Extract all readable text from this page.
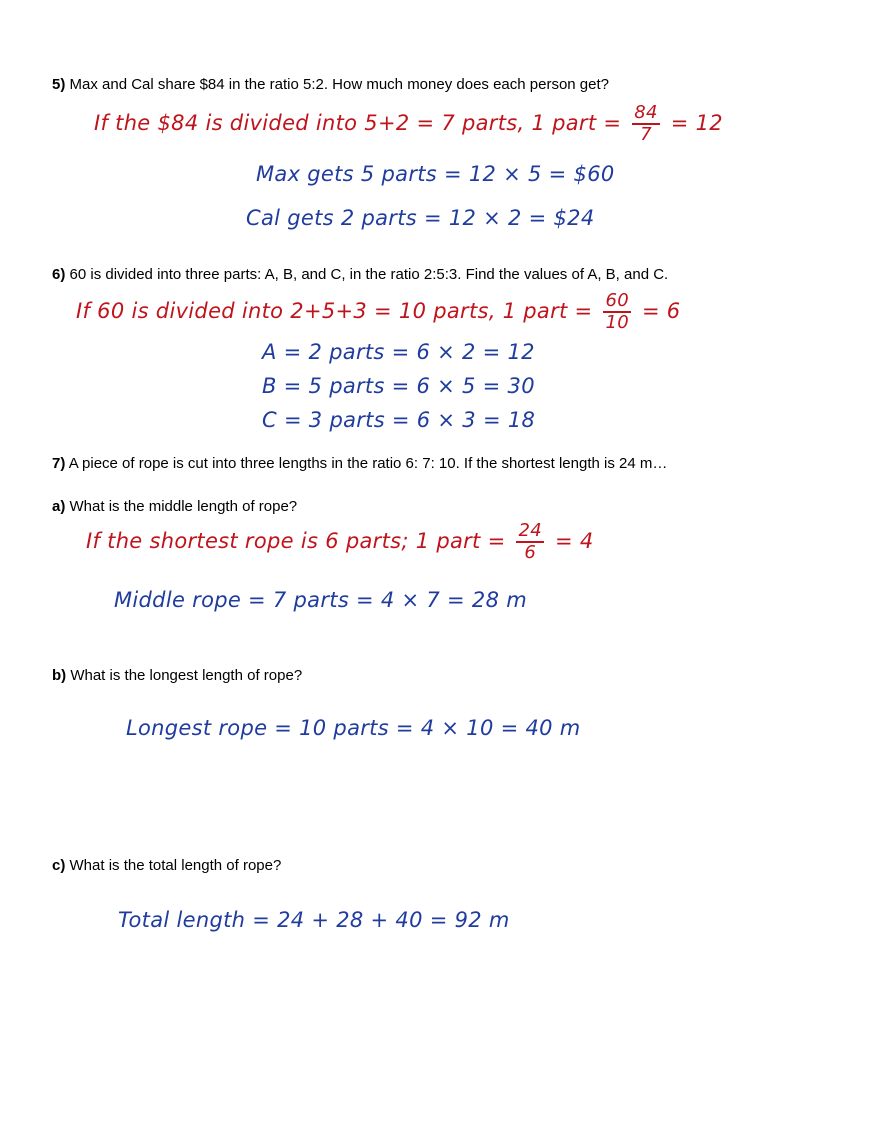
5) Max and Cal share $84 in the ratio 5:2. How much money does each person get?
If the $84 is divided into 5+2 = 7 parts, 1 part = $\frac{84}{7} = 12$
Max gets 5 parts = 12 × 5 = $60
Cal gets 2 parts = 12 × 2 = $24
6) 60 is divided into three parts: A, B, and C, in the ratio 2:5:3. Find the values of A, B, and C.
If 60 is divided into 2+5+3 = 10 parts, 1 part = $\frac{60}{10} = 6$
A = 2 parts = 6 × 2 = 12
B = 5 parts = 6 × 5 = 30
C = 3 parts = 6 × 3 = 18
7) A piece of rope is cut into three lengths in the ratio 6: 7: 10. If the shortest length is 24 m…
a) What is the middle length of rope?
If the shortest rope is 6 parts; 1 part = $\frac{24}{6} = 4$
Middle rope = 7 parts = 4 × 7 = 28 m
b) What is the longest length of rope?
Longest rope = 10 parts = 4 × 10 = 40 m
c) What is the total length of rope?
Total length = 24 + 28 + 40 = 92 m
